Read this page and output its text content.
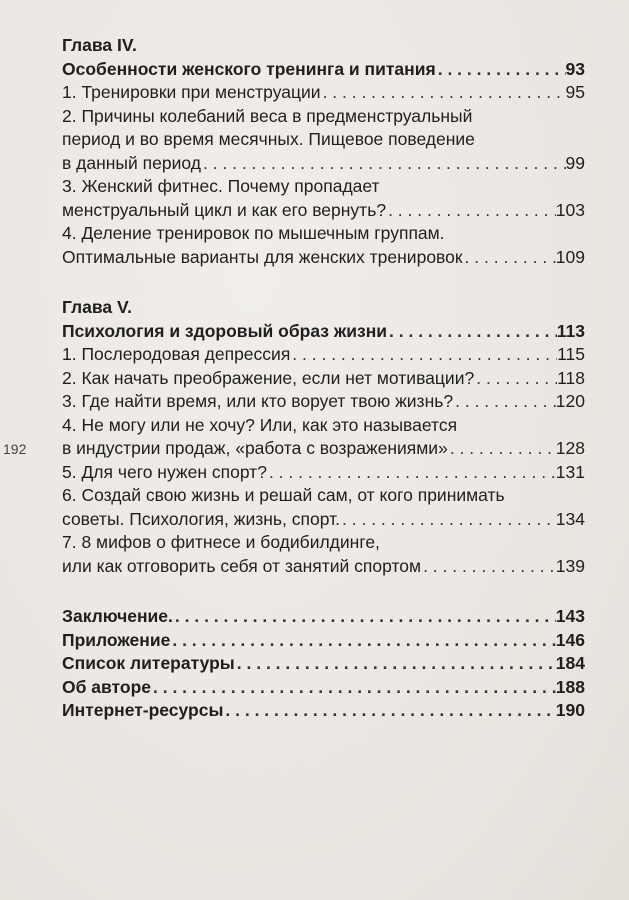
192
Глава IV.
Особенности женского тренинга и питания . . .	93
1. Тренировки при менструации . . .	95
2. Причины колебаний веса в предменструальный
период и во время месячных. Пищевое поведение
в данный период . . .	99
3. Женский фитнес. Почему пропадает
менструальный цикл и как его вернуть? . . .	103
4. Деление тренировок по мышечным группам.
Оптимальные варианты для женских тренировок . . .	109
Глава V.
Психология и здоровый образ жизни . . .	113
1. Послеродовая депрессия . . .	115
2. Как начать преображение, если нет мотивации? . . .	118
3. Где найти время, или кто ворует твою жизнь? . . .	120
4. Не могу или не хочу? Или, как это называется
в индустрии продаж, «работа с возражениями» . . .	128
5. Для чего нужен спорт? . . .	131
6. Создай свою жизнь и решай сам, от кого принимать
советы. Психология, жизнь, спорт. . . .	134
7. 8 мифов о фитнесе и бодибилдинге,
или как отговорить себя от занятий спортом . . .	139
Заключение. . . .	143
Приложение . . .	146
Список литературы . . .	184
Об авторе . . .	188
Интернет-ресурсы . . .	190
